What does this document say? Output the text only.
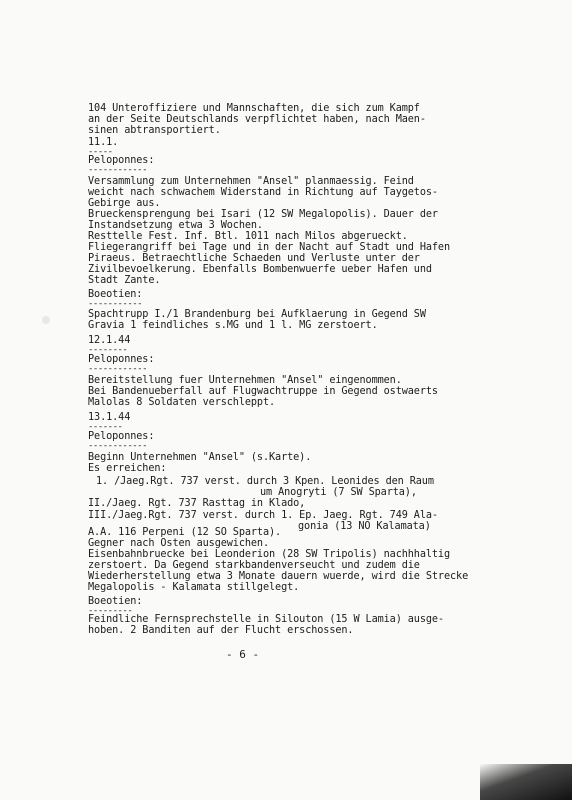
104 Unteroffiziere und Mannschaften, die sich zum Kampf
an der Seite Deutschlands verpflichtet haben, nach Maen-
sinen abtransportiert.
11.1.
-----
Peloponnes:
------------
Versammlung zum Unternehmen "Ansel" planmaessig. Feind
weicht nach schwachem Widerstand in Richtung auf Taygetos-
Gebirge aus.
Brueckensprengung bei Isari (12 SW Megalopolis). Dauer der
Instandsetzung etwa 3 Wochen.
Resttelle Fest. Inf. Btl. 1011 nach Milos abgerueckt.
Fliegerangriff bei Tage und in der Nacht auf Stadt und Hafen
Piraeus. Betraechtliche Schaeden und Verluste unter der
Zivilbevoelkerung. Ebenfalls Bombenwuerfe ueber Hafen und
Stadt Zante.
Boeotien:
-----------
Spachtrupp I./1 Brandenburg bei Aufklaerung in Gegend SW
Gravia 1 feindliches s.MG und 1 l. MG zerstoert.
12.1.44
--------
Peloponnes:
------------
Bereitstellung fuer Unternehmen "Ansel" eingenommen.
Bei Bandenueberfall auf Flugwachtruppe in Gegend ostwaerts
Malolas 8 Soldaten verschleppt.
13.1.44
-------
Peloponnes:
------------
Beginn Unternehmen "Ansel" (s.Karte).
Es erreichen:
1. /Jaeg.Rgt. 737 verst. durch 3 Kpen. Leonides den Raum
um Anogryti (7 SW Sparta),
II./Jaeg. Rgt. 737 Rasttag in Klado,
III./Jaeg.Rgt. 737 verst. durch 1. Ep. Jaeg. Rgt. 749 Ala-
gonia (13 NO Kalamata)
A.A. 116 Perpeni (12 SO Sparta).
Gegner nach Osten ausgewichen.
Eisenbahnbruecke bei Leonderion (28 SW Tripolis) nachhhaltig
zerstoert. Da Gegend starkbandenverseucht und zudem die
Wiederherstellung etwa 3 Monate dauern wuerde, wird die Strecke
Megalopolis - Kalamata stillgelegt.
Boeotien:
---------
Feindliche Fernsprechstelle in Silouton (15 W Lamia) ausge-
hoben. 2 Banditen auf der Flucht erschossen.
- 6 -
